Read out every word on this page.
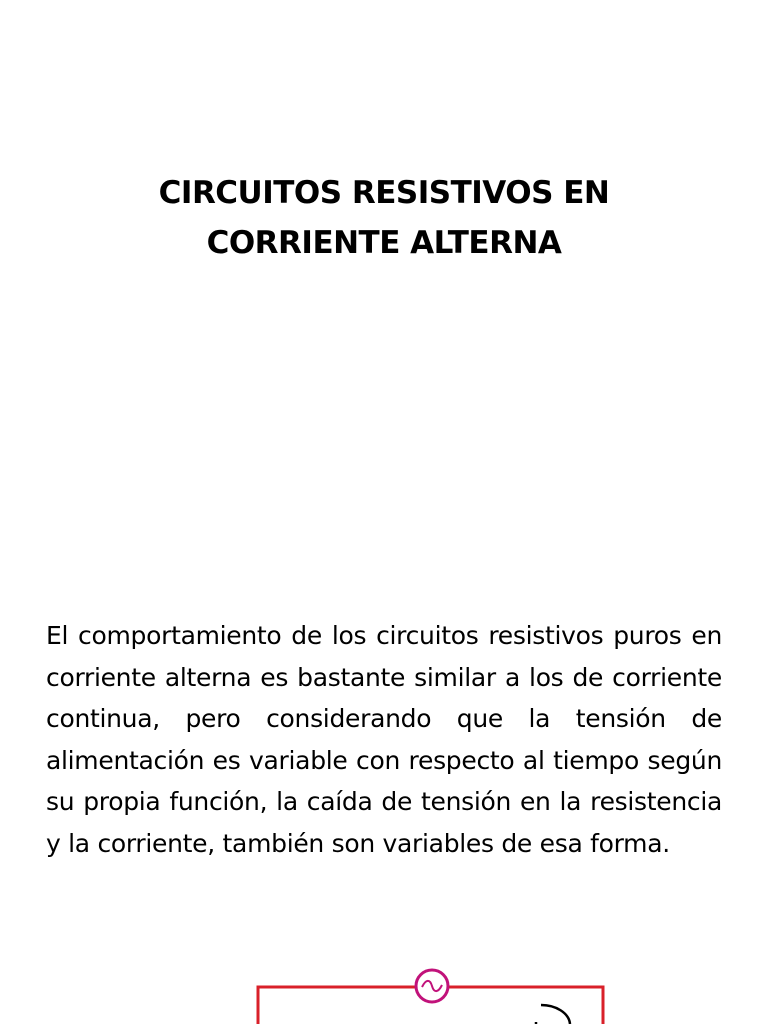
CIRCUITOS RESISTIVOS EN
CORRIENTE ALTERNA

El comportamiento de los circuitos resistivos puros en corriente alterna es bastante similar a los de corriente continua, pero considerando que la tensión de alimentación es variable con respecto al tiempo según su propia función, la caída de tensión en la resistencia y la corriente, también son variables de esa forma.
